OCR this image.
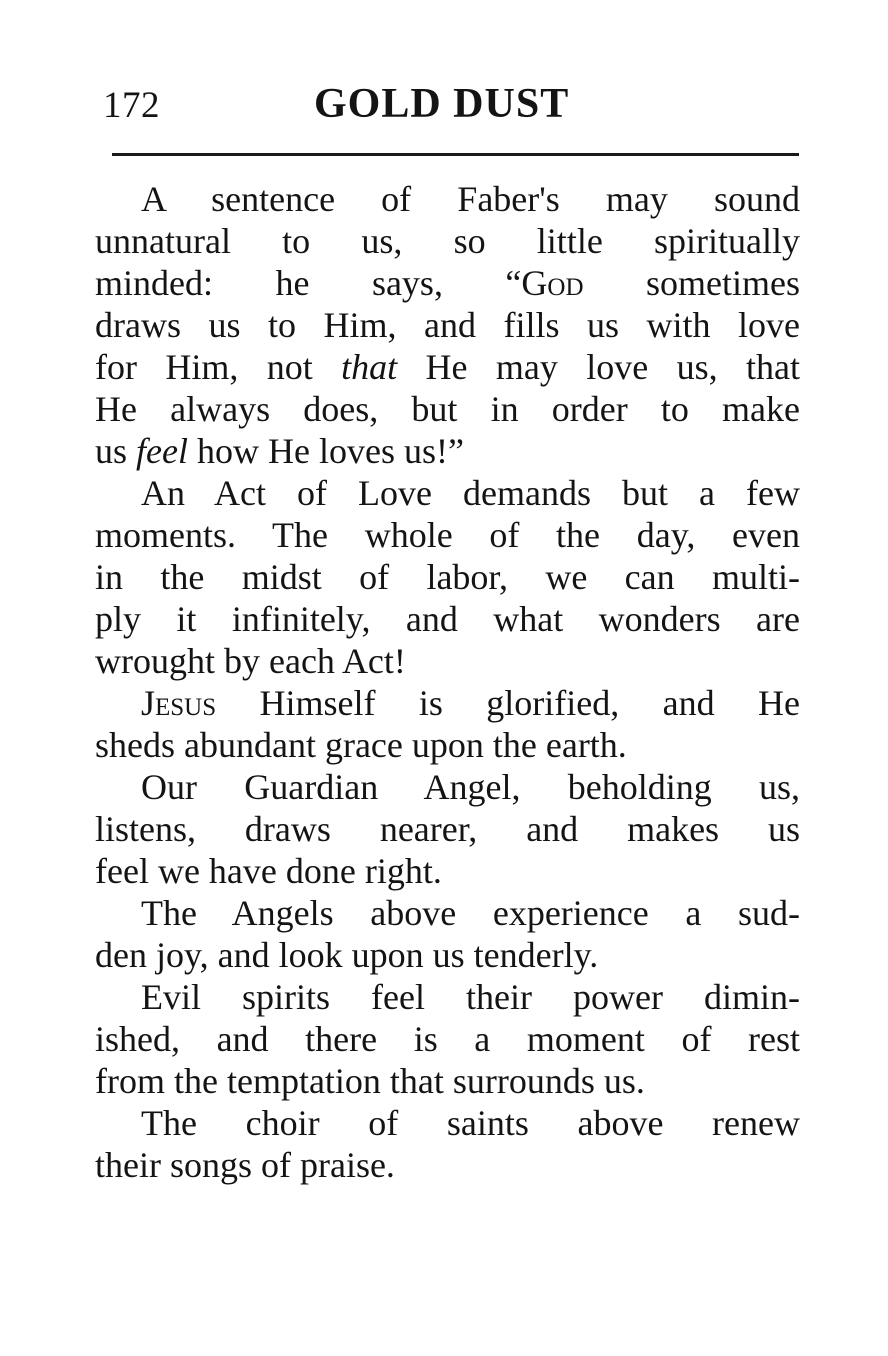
172	GOLD DUST
A sentence of Faber's may sound
unnatural to us, so little spiritually
minded: he says, “God sometimes
draws us to Him, and fills us with love
for Him, not that He may love us, that
He always does, but in order to make
us feel how He loves us!”
An Act of Love demands but a few
moments. The whole of the day, even
in the midst of labor, we can multi-
ply it infinitely, and what wonders are
wrought by each Act!
Jesus Himself is glorified, and He
sheds abundant grace upon the earth.
Our Guardian Angel, beholding us,
listens, draws nearer, and makes us
feel we have done right.
The Angels above experience a sud-
den joy, and look upon us tenderly.
Evil spirits feel their power dimin-
ished, and there is a moment of rest
from the temptation that surrounds us.
The choir of saints above renew
their songs of praise.
